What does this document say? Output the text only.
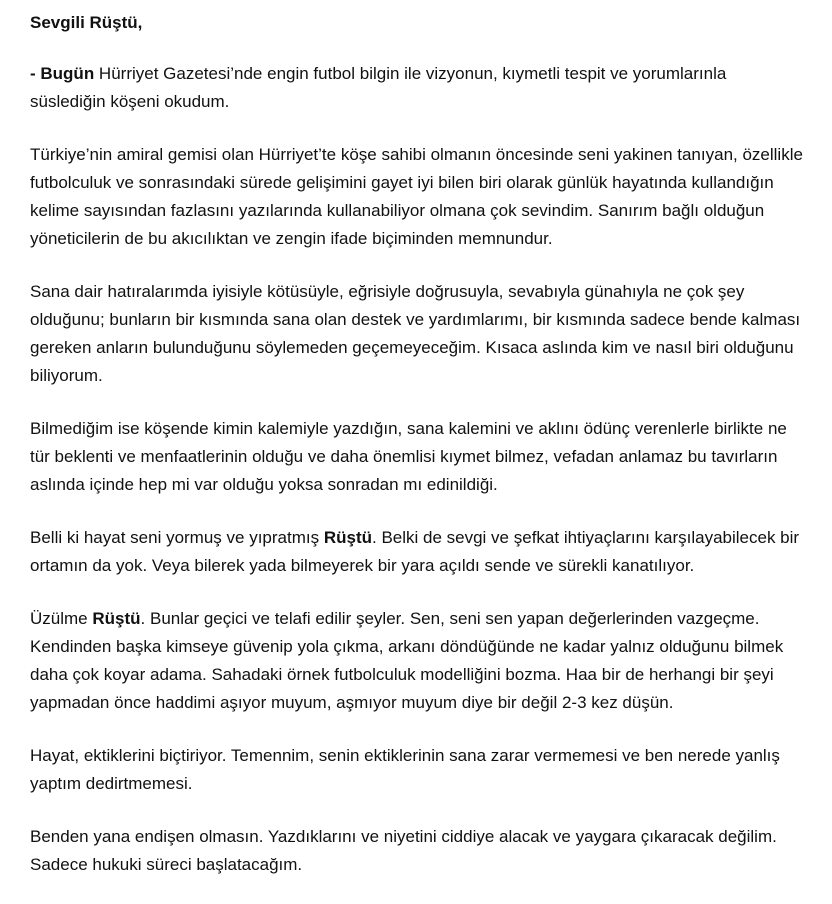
Sevgili Rüştü,
- Bugün Hürriyet Gazetesi’nde engin futbol bilgin ile vizyonun, kıymetli tespit ve yorumlarınla
süslediğin köşeni okudum.
Türkiye’nin amiral gemisi olan Hürriyet’te köşe sahibi olmanın öncesinde seni yakinen tanıyan, özellikle
futbolculuk ve sonrasındaki sürede gelişimini gayet iyi bilen biri olarak günlük hayatında kullandığın
kelime sayısından fazlasını yazılarında kullanabiliyor olmana çok sevindim. Sanırım bağlı olduğun
yöneticilerin de bu akıcılıktan ve zengin ifade biçiminden memnundur.
Sana dair hatıralarımda iyisiyle kötüsüyle, eğrisiyle doğrusuyla, sevabıyla günahıyla ne çok şey
olduğunu; bunların bir kısmında sana olan destek ve yardımlarımı, bir kısmında sadece bende kalması
gereken anların bulunduğunu söylemeden geçemeyeceğim. Kısaca aslında kim ve nasıl biri olduğunu
biliyorum.
Bilmediğim ise köşende kimin kalemiyle yazdığın, sana kalemini ve aklını ödünç verenlerle birlikte ne
tür beklenti ve menfaatlerinin olduğu ve daha önemlisi kıymet bilmez, vefadan anlamaz bu tavırların
aslında içinde hep mi var olduğu yoksa sonradan mı edinildiği.
Belli ki hayat seni yormuş ve yıpratmış Rüştü. Belki de sevgi ve şefkat ihtiyaçlarını karşılayabilecek bir
ortamın da yok. Veya bilerek yada bilmeyerek bir yara açıldı sende ve sürekli kanatılıyor.
Üzülme Rüştü. Bunlar geçici ve telafi edilir şeyler. Sen, seni sen yapan değerlerinden vazgeçme.
Kendinden başka kimseye güvenip yola çıkma, arkanı döndüğünde ne kadar yalnız olduğunu bilmek
daha çok koyar adama. Sahadaki örnek futbolculuk modelliğini bozma. Haa bir de herhangi bir şeyi
yapmadan önce haddimi aşıyor muyum, aşmıyor muyum diye bir değil 2-3 kez düşün.
Hayat, ektiklerini biçtiriyor. Temennim, senin ektiklerinin sana zarar vermemesi ve ben nerede yanlış
yaptım dedirtmemesi.
Benden yana endişen olmasın. Yazdıklarını ve niyetini ciddiye alacak ve yaygara çıkaracak değilim.
Sadece hukuki süreci başlatacağım.
